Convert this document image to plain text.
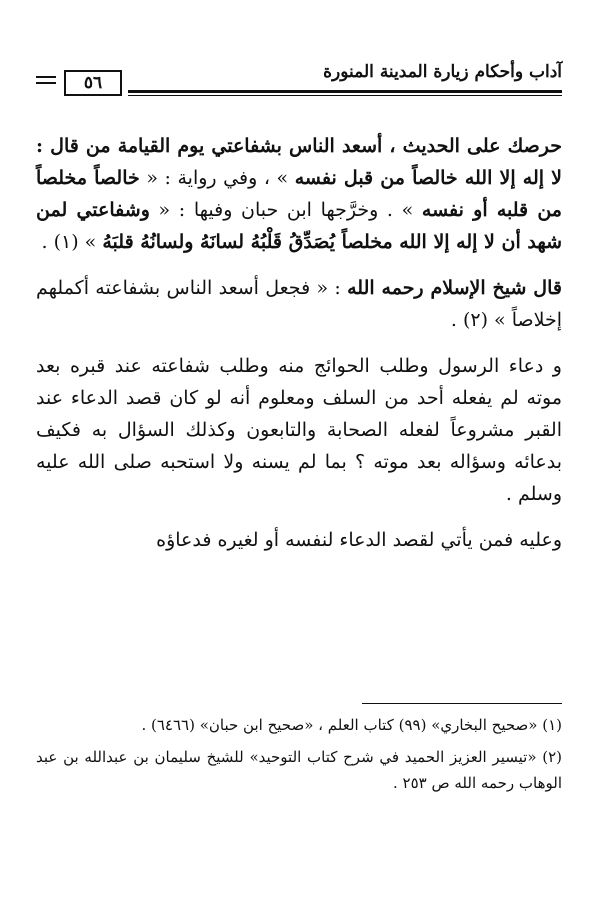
آداب وأحكام زيارة المدينة المنورة
٥٦

حرصك على الحديث ، أسعد الناس بشفاعتي يوم القيامة من قال : لا إله إلا الله خالصاً من قبل نفسه » ، وفي رواية : « خالصاً مخلصاً من قلبه أو نفسه » . وخرَّجها ابن حبان وفيها : « وشفاعتي لمن شهد أن لا إله إلا الله مخلصاً يُصَدِّقُ قَلْبُهُ لسانَهُ ولسانُهُ قلبَهُ » (١) .

قال شيخ الإسلام رحمه الله : « فجعل أسعد الناس بشفاعته أكملهم إخلاصاً » (٢) .

و دعاء الرسول وطلب الحوائج منه وطلب شفاعته عند قبره بعد موته لم يفعله أحد من السلف ومعلوم أنه لو كان قصد الدعاء عند القبر مشروعاً لفعله الصحابة والتابعون وكذلك السؤال به فكيف بدعائه وسؤاله بعد موته ؟ بما لم يسنه ولا استحبه صلى الله عليه وسلم .

وعليه فمن يأتي لقصد الدعاء لنفسه أو لغيره فدعاؤه

(١) «صحيح البخاري» (٩٩) كتاب العلم ، «صحيح ابن حبان» (٦٤٦٦) .

(٢) «تيسير العزيز الحميد في شرح كتاب التوحيد» للشيخ سليمان بن عبدالله بن عبد الوهاب رحمه الله ص ٢٥٣ .
